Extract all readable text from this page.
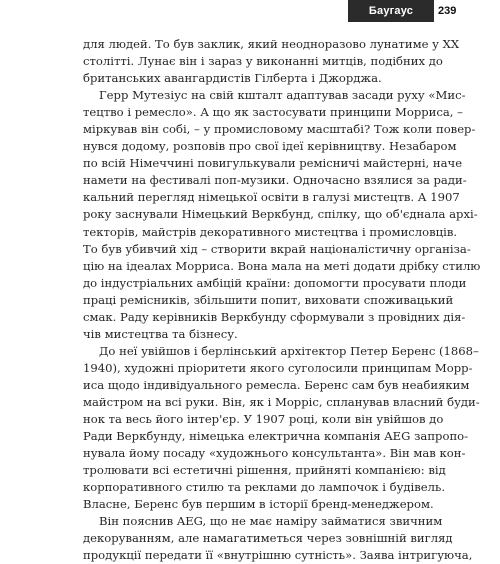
Баугаус	239
для людей. То був заклик, який неодноразово лунатиме у XX
столітті. Лунає він і зараз у виконанні митців, подібних до
британських авангардистів Гілберта і Джорджа.
Герр Мутезіус на свій кшталт адаптував засади руху «Мис-
тецтво і ремесло». А що як застосувати принципи Морриса, –
міркував він собі, – у промисловому масштабі? Тож коли повер-
нувся додому, розповів про свої ідеї керівництву. Незабаром
по всій Німеччині повигулькували ремісничі майстерні, наче
намети на фестивалі поп-музики. Одночасно взялися за ради-
кальний перегляд німецької освіти в галузі мистецтв. А 1907
року заснували Німецький Веркбунд, спілку, що об'єднала архі-
текторів, майстрів декоративного мистецтва і промисловців.
То був убивчий хід – створити вкрай націоналістичну організа-
цію на ідеалах Морриса. Вона мала на меті додати дрібку стилю
до індустріальних амбіцій країни: допомогти просувати плоди
праці ремісників, збільшити попит, виховати споживацький
смак. Раду керівників Веркбунду сформували з провідних дія-
чів мистецтва та бізнесу.
До неї увійшов і берлінський архітектор Петер Беренс (1868–
1940), художні пріоритети якого суголосили принципам Морр-
иса щодо індивідуального ремесла. Беренс сам був неабияким
майстром на всі руки. Він, як і Морріс, спланував власний буди-
нок та весь його інтер'єр. У 1907 році, коли він увійшов до
Ради Веркбунду, німецька електрична компанія AEG запропо-
нувала йому посаду «художнього консультанта». Він мав кон-
тролювати всі естетичні рішення, прийняті компанією: від
корпоративного стилю та реклами до лампочок і будівель.
Власне, Беренс був першим в історії бренд-менеджером.
Він пояснив AEG, що не має наміру займатися звичним
декоруванням, але намагатиметься через зовнішній вигляд
продукції передати її «внутрішню сутність». Заява інтригуюча,
